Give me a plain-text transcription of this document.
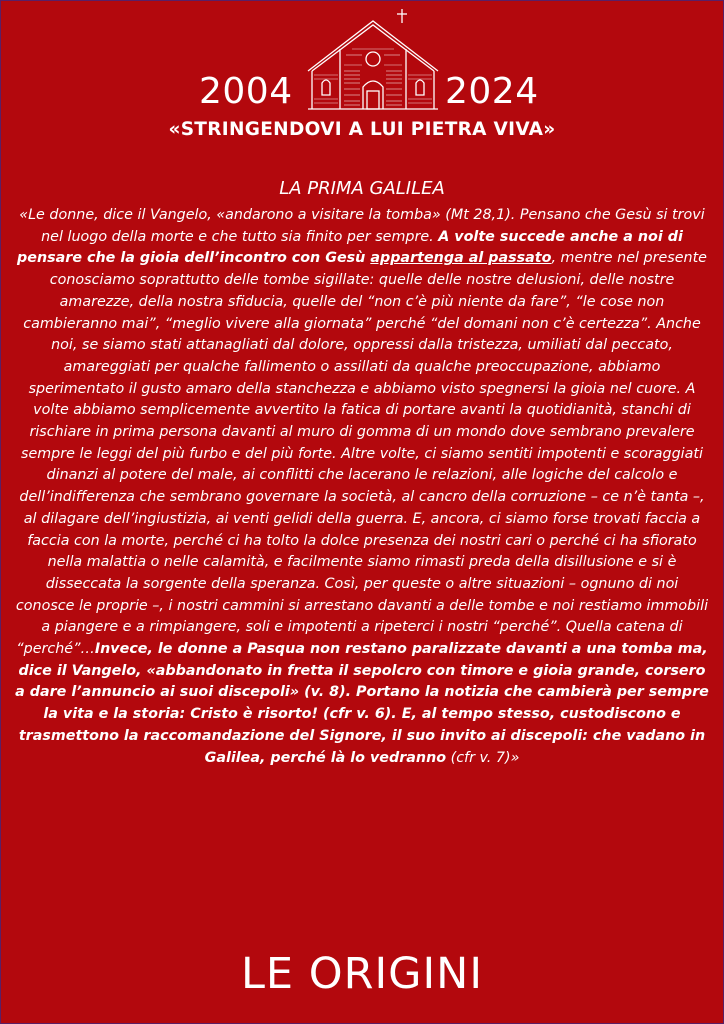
2004	2024
«STRINGENDOVI A LUI PIETRA VIVA»
LA PRIMA GALILEA
«Le donne, dice il Vangelo, «andarono a visitare la tomba» (Mt 28,1). Pensano che Gesù si trovi nel luogo della morte e che tutto sia finito per sempre. A volte succede anche a noi di pensare che la gioia dell’incontro con Gesù appartenga al passato, mentre nel presente conosciamo soprattutto delle tombe sigillate: quelle delle nostre delusioni, delle nostre amarezze, della nostra sfiducia, quelle del “non c’è più niente da fare”, “le cose non cambieranno mai”, “meglio vivere alla giornata” perché “del domani non c’è certezza”. Anche noi, se siamo stati attanagliati dal dolore, oppressi dalla tristezza, umiliati dal peccato, amareggiati per qualche fallimento o assillati da qualche preoccupazione, abbiamo sperimentato il gusto amaro della stanchezza e abbiamo visto spegnersi la gioia nel cuore. A volte abbiamo semplicemente avvertito la fatica di portare avanti la quotidianità, stanchi di rischiare in prima persona davanti al muro di gomma di un mondo dove sembrano prevalere sempre le leggi del più furbo e del più forte. Altre volte, ci siamo sentiti impotenti e scoraggiati dinanzi al potere del male, ai conflitti che lacerano le relazioni, alle logiche del calcolo e dell’indifferenza che sembrano governare la società, al cancro della corruzione – ce n’è tanta –, al dilagare dell’ingiustizia, ai venti gelidi della guerra. E, ancora, ci siamo forse trovati faccia a faccia con la morte, perché ci ha tolto la dolce presenza dei nostri cari o perché ci ha sfiorato nella malattia o nelle calamità, e facilmente siamo rimasti preda della disillusione e si è disseccata la sorgente della speranza. Così, per queste o altre situazioni – ognuno di noi conosce le proprie –, i nostri cammini si arrestano davanti a delle tombe e noi restiamo immobili a piangere e a rimpiangere, soli e impotenti a ripeterci i nostri “perché”. Quella catena di “perché”…Invece, le donne a Pasqua non restano paralizzate davanti a una tomba ma, dice il Vangelo, «abbandonato in fretta il sepolcro con timore e gioia grande, corsero a dare l’annuncio ai suoi discepoli» (v. 8). Portano la notizia che cambierà per sempre la vita e la storia: Cristo è risorto! (cfr v. 6). E, al tempo stesso, custodiscono e trasmettono la raccomandazione del Signore, il suo invito ai discepoli: che vadano in Galilea, perché là lo vedranno (cfr v. 7)»
LE ORIGINI
